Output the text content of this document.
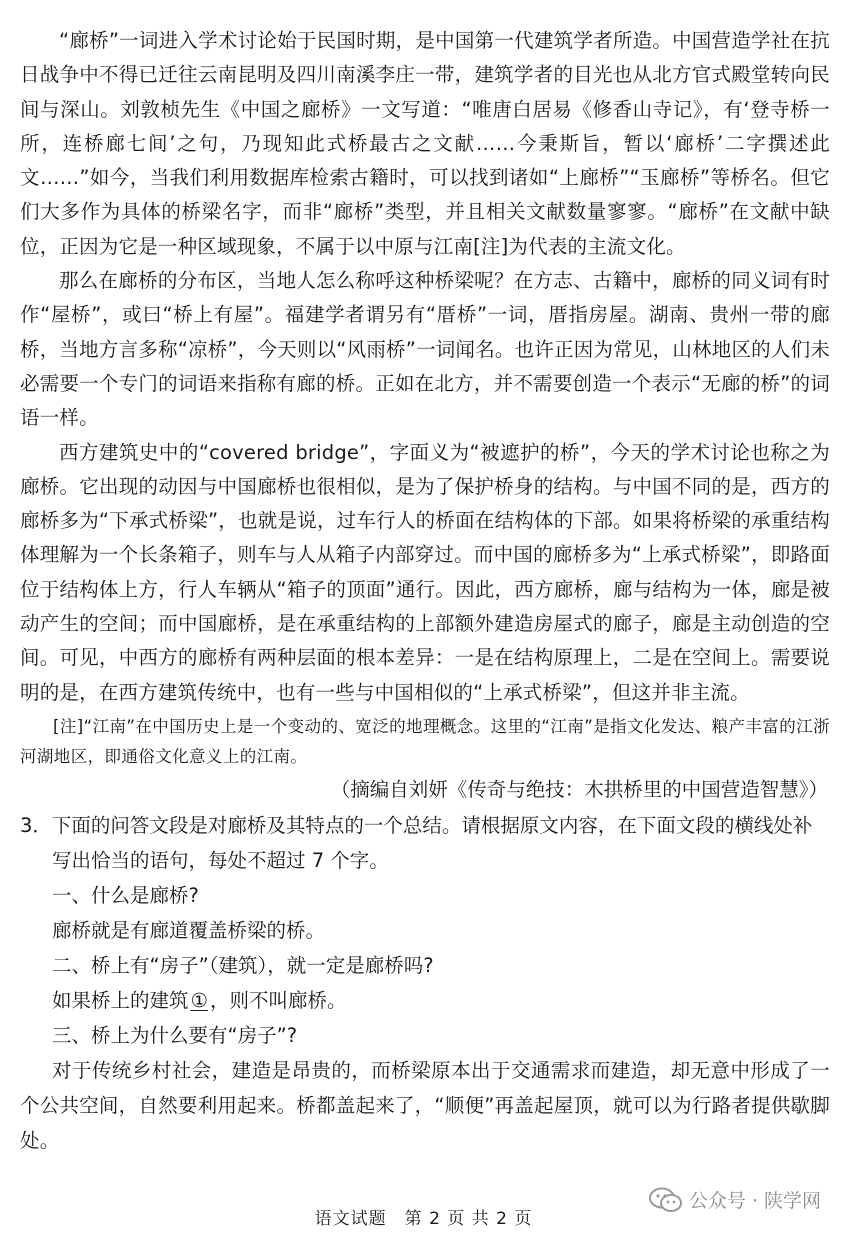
“廊桥”一词进入学术讨论始于民国时期，是中国第一代建筑学者所造。中国营造学社在抗日战争中不得已迁往云南昆明及四川南溪李庄一带，建筑学者的目光也从北方官式殿堂转向民间与深山。刘敦桢先生《中国之廊桥》一文写道：“唯唐白居易《修香山寺记》，有‘登寺桥一所，连桥廊七间’之句，乃现知此式桥最古之文献……今秉斯旨，暂以‘廊桥’二字撰述此文……”如今，当我们利用数据库检索古籍时，可以找到诸如“上廊桥”“玉廊桥”等桥名。但它们大多作为具体的桥梁名字，而非“廊桥”类型，并且相关文献数量寥寥。“廊桥”在文献中缺位，正因为它是一种区域现象，不属于以中原与江南[注]为代表的主流文化。

那么在廊桥的分布区，当地人怎么称呼这种桥梁呢？在方志、古籍中，廊桥的同义词有时作“屋桥”，或曰“桥上有屋”。福建学者谓另有“厝桥”一词，厝指房屋。湖南、贵州一带的廊桥，当地方言多称“凉桥”，今天则以“风雨桥”一词闻名。也许正因为常见，山林地区的人们未必需要一个专门的词语来指称有廊的桥。正如在北方，并不需要创造一个表示“无廊的桥”的词语一样。

西方建筑史中的“covered bridge”，字面义为“被遮护的桥”，今天的学术讨论也称之为廊桥。它出现的动因与中国廊桥也很相似，是为了保护桥身的结构。与中国不同的是，西方的廊桥多为“下承式桥梁”，也就是说，过车行人的桥面在结构体的下部。如果将桥梁的承重结构体理解为一个长条箱子，则车与人从箱子内部穿过。而中国的廊桥多为“上承式桥梁”，即路面位于结构体上方，行人车辆从“箱子的顶面”通行。因此，西方廊桥，廊与结构为一体，廊是被动产生的空间；而中国廊桥，是在承重结构的上部额外建造房屋式的廊子，廊是主动创造的空间。可见，中西方的廊桥有两种层面的根本差异：一是在结构原理上，二是在空间上。需要说明的是，在西方建筑传统中，也有一些与中国相似的“上承式桥梁”，但这并非主流。

[注]“江南”在中国历史上是一个变动的、宽泛的地理概念。这里的“江南”是指文化发达、粮产丰富的江浙河湖地区，即通俗文化意义上的江南。

（摘编自刘妍《传奇与绝技：木拱桥里的中国营造智慧》）

3．下面的问答文段是对廊桥及其特点的一个总结。请根据原文内容，在下面文段的横线处补写出恰当的语句，每处不超过 7 个字。

一、什么是廊桥?

廊桥就是有廊道覆盖桥梁的桥。

二、桥上有“房子”（建筑），就一定是廊桥吗?

如果桥上的建筑 ① ，则不叫廊桥。

三、桥上为什么要有“房子”?

对于传统乡村社会，建造是昂贵的，而桥梁原本出于交通需求而建造，却无意中形成了一个公共空间，自然要利用起来。桥都盖起来了，“顺便”再盖起屋顶，就可以为行路者提供歇脚处。

公众号 · 陕学网
语文试题　第 2 页 共 2 页
